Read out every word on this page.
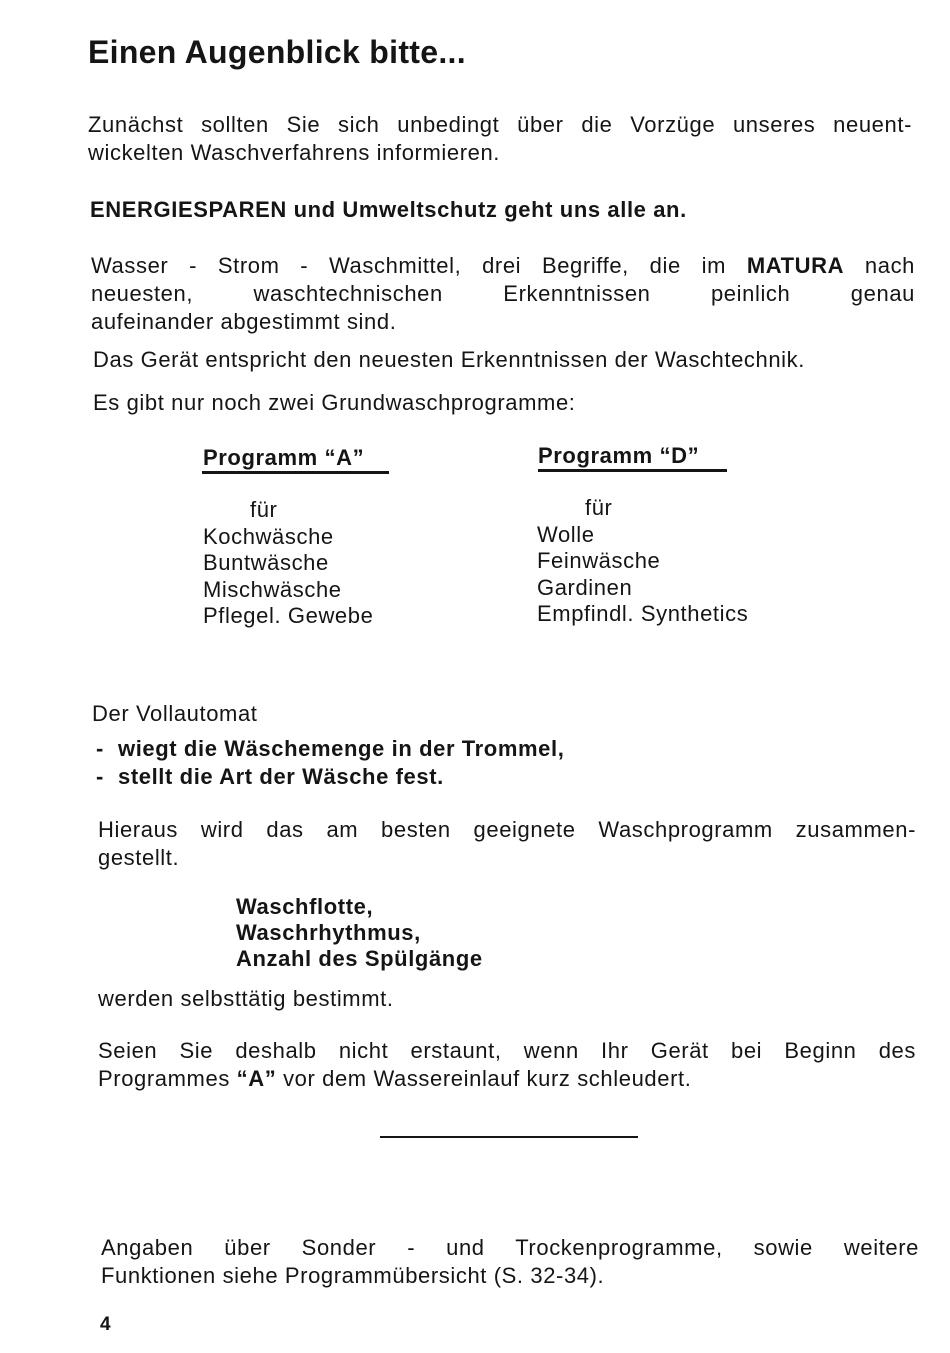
Einen Augenblick bitte...
Zunächst sollten Sie sich unbedingt über die Vorzüge unseres neuent-
wickelten Waschverfahrens informieren.
ENERGIESPAREN und Umweltschutz geht uns alle an.
Wasser - Strom - Waschmittel, drei Begriffe, die im MATURA nach
neuesten, waschtechnischen Erkenntnissen peinlich genau
aufeinander abgestimmt sind.
Das Gerät entspricht den neuesten Erkenntnissen der Waschtechnik.
Es gibt nur noch zwei Grundwaschprogramme:
Programm “A”
für
Kochwäsche
Buntwäsche
Mischwäsche
Pflegel. Gewebe
Programm “D”
für
Wolle
Feinwäsche
Gardinen
Empfindl. Synthetics
Der Vollautomat
- wiegt die Wäschemenge in der Trommel,
- stellt die Art der Wäsche fest.
Hieraus wird das am besten geeignete Waschprogramm zusammen-
gestellt.
Waschflotte,
Waschrhythmus,
Anzahl des Spülgänge
werden selbsttätig bestimmt.
Seien Sie deshalb nicht erstaunt, wenn Ihr Gerät bei Beginn des
Programmes “A” vor dem Wassereinlauf kurz schleudert.
Angaben über Sonder - und Trockenprogramme, sowie weitere
Funktionen siehe Programmübersicht (S. 32-34).
4
